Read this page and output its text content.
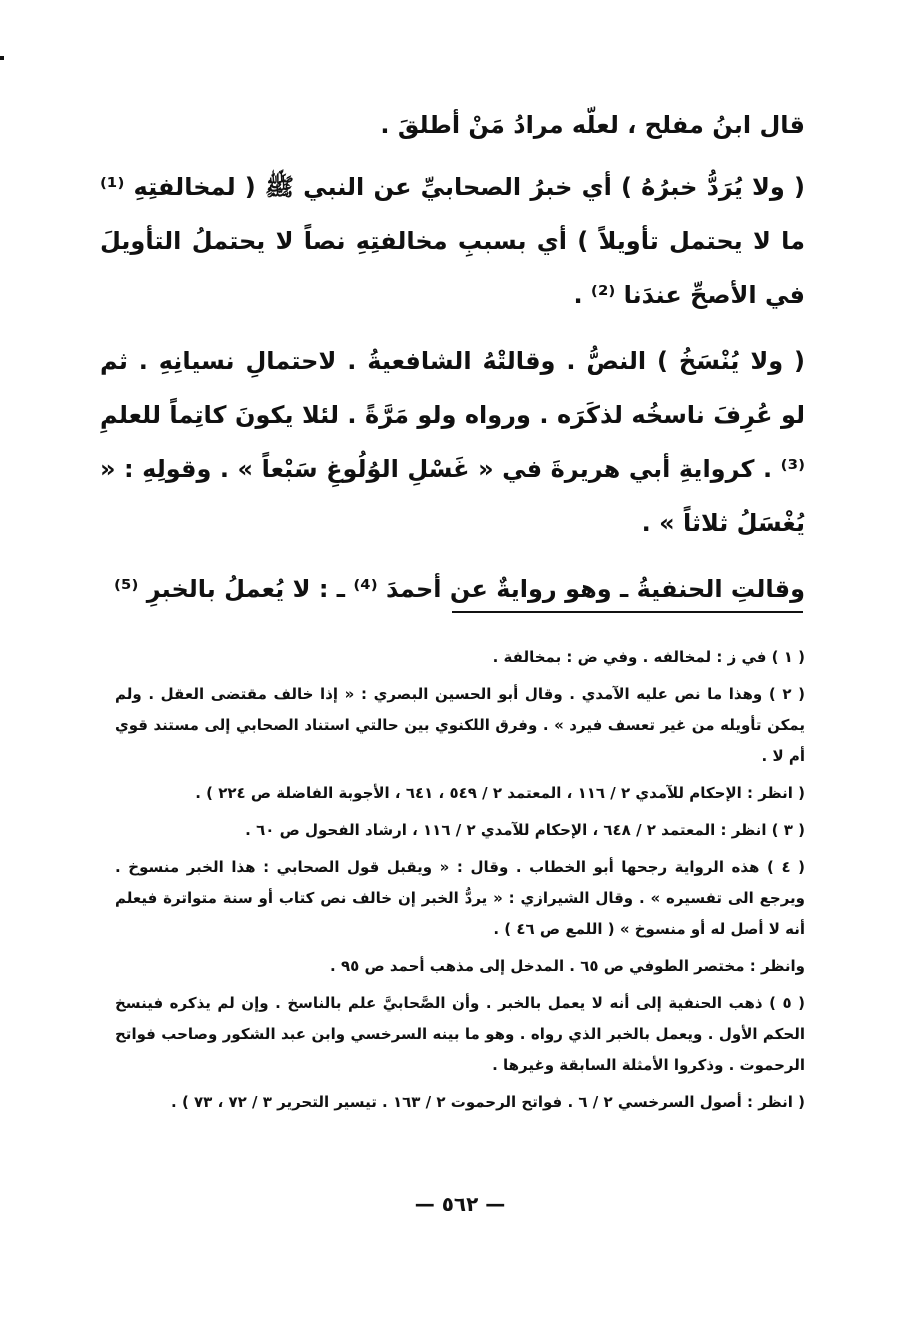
قال ابنُ مفلح ، لعلّه مرادُ مَنْ أطلقَ .

( ولا يُرَدُّ خبرُهُ ) أي خبرُ الصحابيِّ عن النبي ﷺ ( لمخالفتِهِ ⁽¹⁾ ما لا يحتمل تأويلاً ) أي بسببِ مخالفتِهِ نصاً لا يحتملُ التأويلَ في الأصحِّ عندَنا ⁽²⁾ .

( ولا يُنْسَخُ ) النصُّ . وقالتْهُ الشافعيةُ . لاحتمالِ نسيانِهِ . ثم لو عُرِفَ ناسخُه لذكَرَه . ورواه ولو مَرَّةً . لئلا يكونَ كاتِماً للعلمِ ⁽³⁾ . كروايةِ أبي هريرةَ في « غَسْلِ الوُلُوغِ سَبْعاً » . وقولِهِ : « يُغْسَلُ ثلاثاً » .

وقالتِ الحنفيةُ ـ وهو روايةٌ عن أحمدَ ⁽⁴⁾ ـ : لا يُعملُ بالخبرِ ⁽⁵⁾

( ١ ) في ز : لمخالفه . وفي ض : بمخالفة .

( ٢ ) وهذا ما نص عليه الآمدي . وقال أبو الحسين البصري : « إذا خالف مقتضى العقل . ولم يمكن تأويله من غير تعسف فيرد » . وفرق اللكنوي بين حالتي استناد الصحابي إلى مستند قوي أم لا .

( انظر : الإحكام للآمدي ٢ / ١١٦ ، المعتمد ٢ / ٥٤٩ ، ٦٤١ ، الأجوبة الفاضلة ص ٢٢٤ ) .

( ٣ ) انظر : المعتمد ٢ / ٦٤٨ ، الإحكام للآمدي ٢ / ١١٦ ، ارشاد الفحول ص ٦٠ .

( ٤ ) هذه الرواية رجحها أبو الخطاب . وقال : « ويقبل قول الصحابي : هذا الخبر منسوخ . ويرجع الى تفسيره » . وقال الشيرازي : « يردُّ الخبر إن خالف نص كتاب أو سنة متواترة فيعلم أنه لا أصل له أو منسوخ » ( اللمع ص ٤٦ ) .

وانظر : مختصر الطوفي ص ٦٥ . المدخل إلى مذهب أحمد ص ٩٥ .

( ٥ ) ذهب الحنفية إلى أنه لا يعمل بالخبر . وأن الصَّحابيَّ علم بالناسخ . وإن لم يذكره فينسخ الحكم الأول . ويعمل بالخبر الذي رواه . وهو ما بينه السرخسي وابن عبد الشكور وصاحب فواتح الرحموت . وذكروا الأمثلة السابقة وغيرها .

( انظر : أصول السرخسي ٢ / ٦ . فواتح الرحموت ٢ / ١٦٣ . تيسير التحرير ٣ / ٧٢ ، ٧٣ ) .

— ٥٦٢ —
